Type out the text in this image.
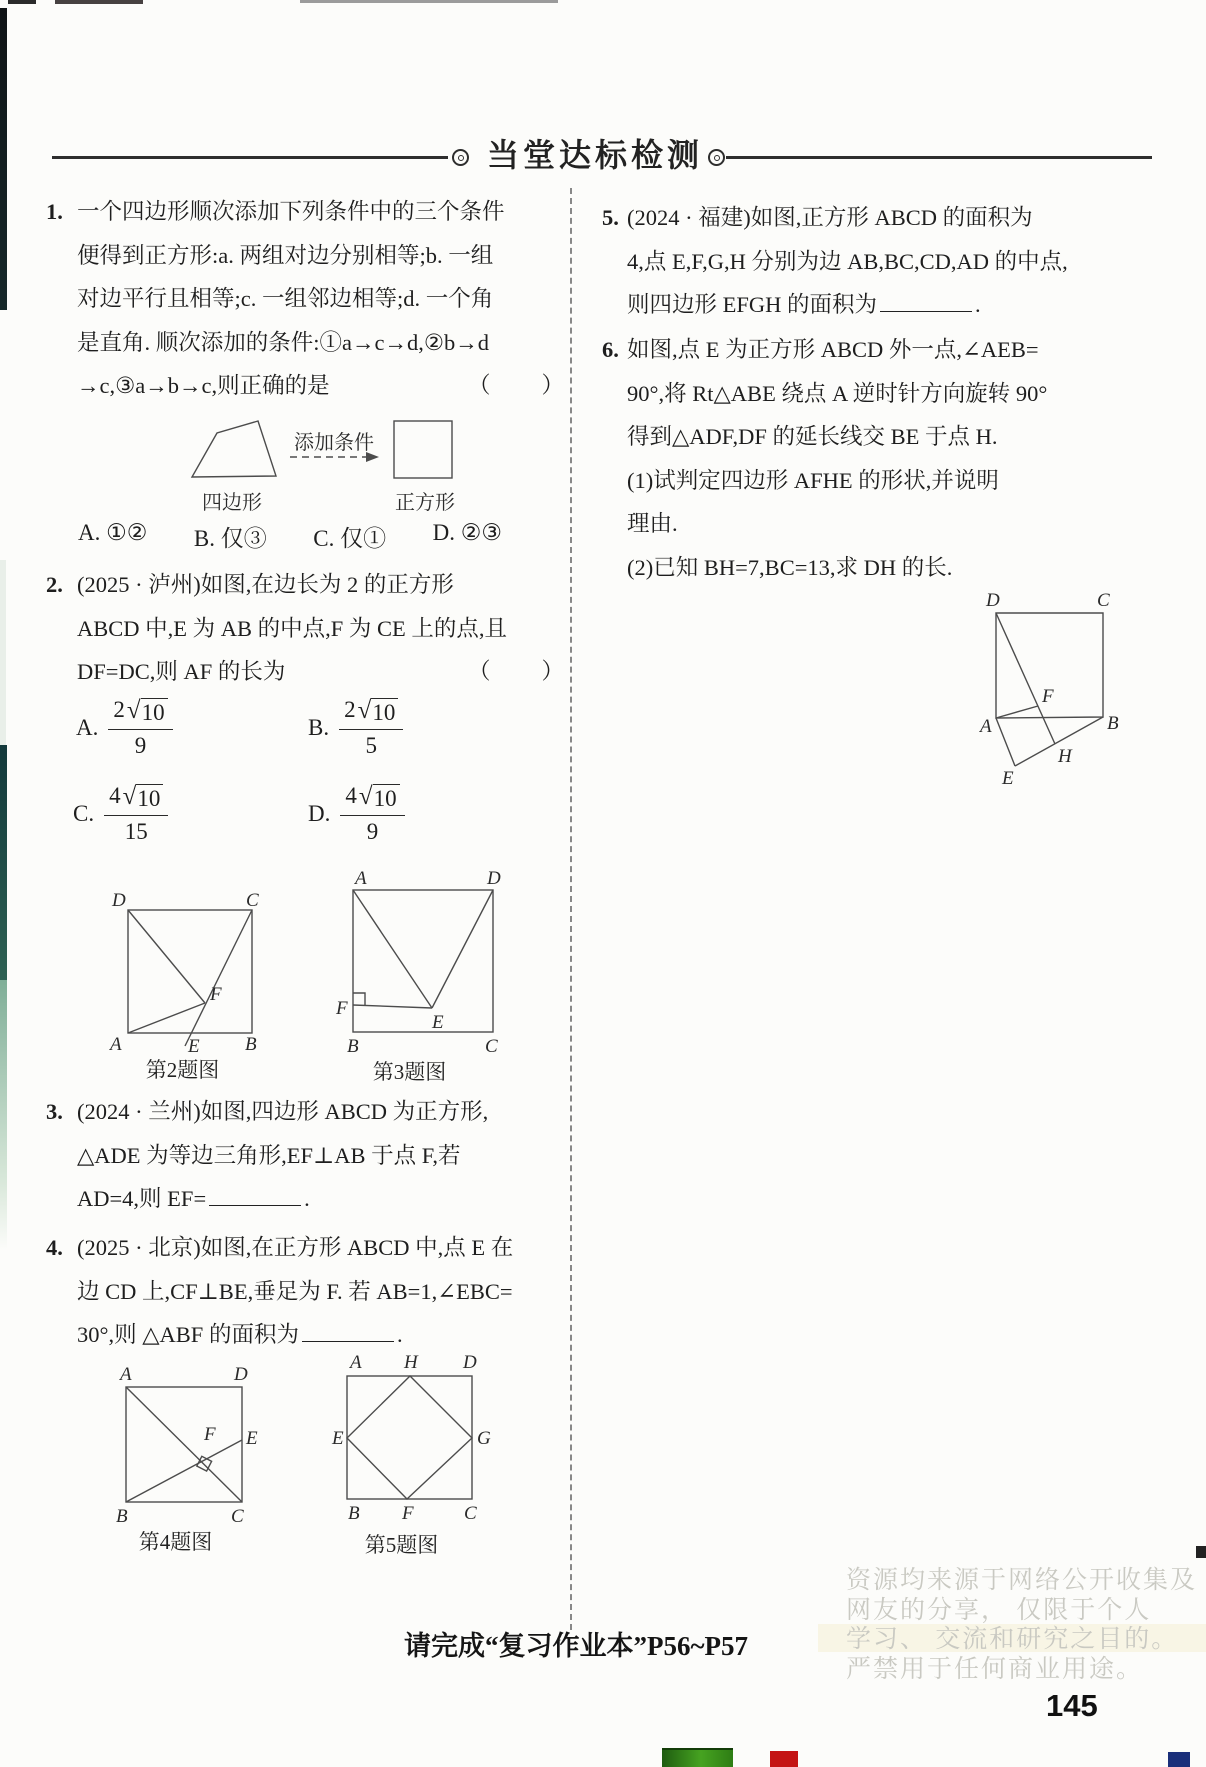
当堂达标检测
1. 一个四边形顺次添加下列条件中的三个条件
便得到正方形:a. 两组对边分别相等;b. 一组
对边平行且相等;c. 一组邻边相等;d. 一个角
是直角. 顺次添加的条件:①a→c→d,②b→d
→c,③a→b→c,则正确的是	（　　）
添加条件
四边形	正方形
A. ①② B. 仅③ C. 仅① D. ②③
2. (2025 · 泸州)如图,在边长为 2 的正方形
ABCD 中,E 为 AB 的中点,F 为 CE 上的点,且
DF=DC,则 AF 的长为	（　　）
A. $\frac{2 √ 10}{9}$	B. $\frac{2 √ 10}{5}$
C. $\frac{4 √ 10}{15}$	D. $\frac{4 √ 10}{9}$
D	C
A	E B
F
第2题图
A	D
F
E
B	C
第3题图
3. (2024 · 兰州)如图,四边形 ABCD 为正方形,
△ADE 为等边三角形,EF⊥AB 于点 F,若
AD=4,则 EF=	.
4. (2025 · 北京)如图,在正方形 ABCD 中,点 E 在
边 CD 上,CF⊥BE,垂足为 F. 若 AB=1,∠EBC=
30°,则 △ABF 的面积为	.
A	D
B	C
E
F
第4题图
A H D
E	G
B F	C
第5题图
5. (2024 · 福建)如图,正方形 ABCD 的面积为
4,点 E,F,G,H 分别为边 AB,BC,CD,AD 的中点,
则四边形 EFGH 的面积为	.
6. 如图,点 E 为正方形 ABCD 外一点,∠AEB=
90°,将 Rt△ABE 绕点 A 逆时针方向旋转 90°
得到△ADF,DF 的延长线交 BE 于点 H.
(1)试判定四边形 AFHE 的形状,并说明
理由.
(2)已知 BH=7,BC=13,求 DH 的长.
D	C
A	B
F
H
E
请完成“复习作业本”P56~P57
资源均来源于网络公开收集及
网友的分享， 仅限于个人
学习、 交流和研究之目的。
严禁用于任何商业用途。
145
